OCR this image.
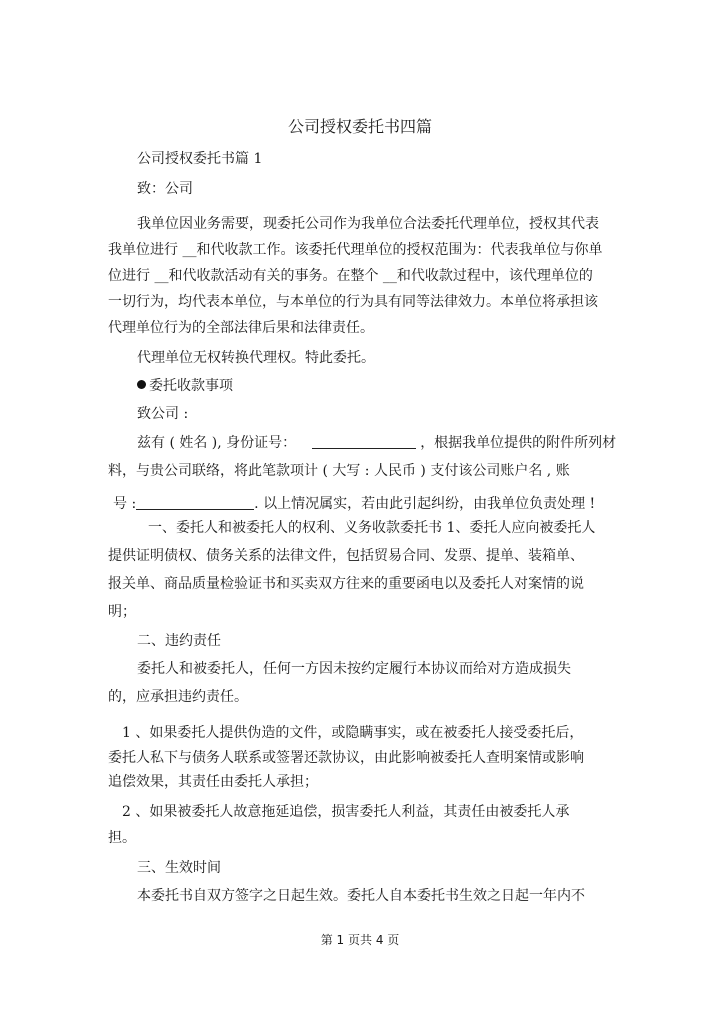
公司授权委托书四篇
公司授权委托书篇 1
致：公司
我单位因业务需要，现委托公司作为我单位合法委托代理单位，授权其代表
我单位进行 __和代收款工作。该委托代理单位的授权范围为：代表我单位与你单
位进行 __和代收款活动有关的事务。在整个 __和代收款过程中，该代理单位的
一切行为，均代表本单位，与本单位的行为具有同等法律效力。本单位将承担该
代理单位行为的全部法律后果和法律责任。
代理单位无权转换代理权。特此委托。
委托收款事项
致公司 :
兹有 ( 姓名 ), 身份证号：	，根据我单位提供的附件所列材
料，与贵公司联络，将此笔款项计 ( 大写 : 人民币 ) 支付该公司账户名 , 账
号 :	. 以上情况属实，若由此引起纠纷，由我单位负责处理 !
一、委托人和被委托人的权利、义务收款委托书 1、委托人应向被委托人
提供证明债权、债务关系的法律文件，包括贸易合同、发票、提单、装箱单、
报关单、商品质量检验证书和买卖双方往来的重要函电以及委托人对案情的说
明；
二、违约责任
委托人和被委托人，任何一方因未按约定履行本协议而给对方造成损失
的，应承担违约责任。
1 、如果委托人提供伪造的文件，或隐瞒事实，或在被委托人接受委托后，
委托人私下与债务人联系或签署还款协议，由此影响被委托人查明案情或影响
追偿效果，其责任由委托人承担；
2 、如果被委托人故意拖延追偿，损害委托人利益，其责任由被委托人承
担。
三、生效时间
本委托书自双方签字之日起生效。委托人自本委托书生效之日起一年内不
第 1 页共 4 页
